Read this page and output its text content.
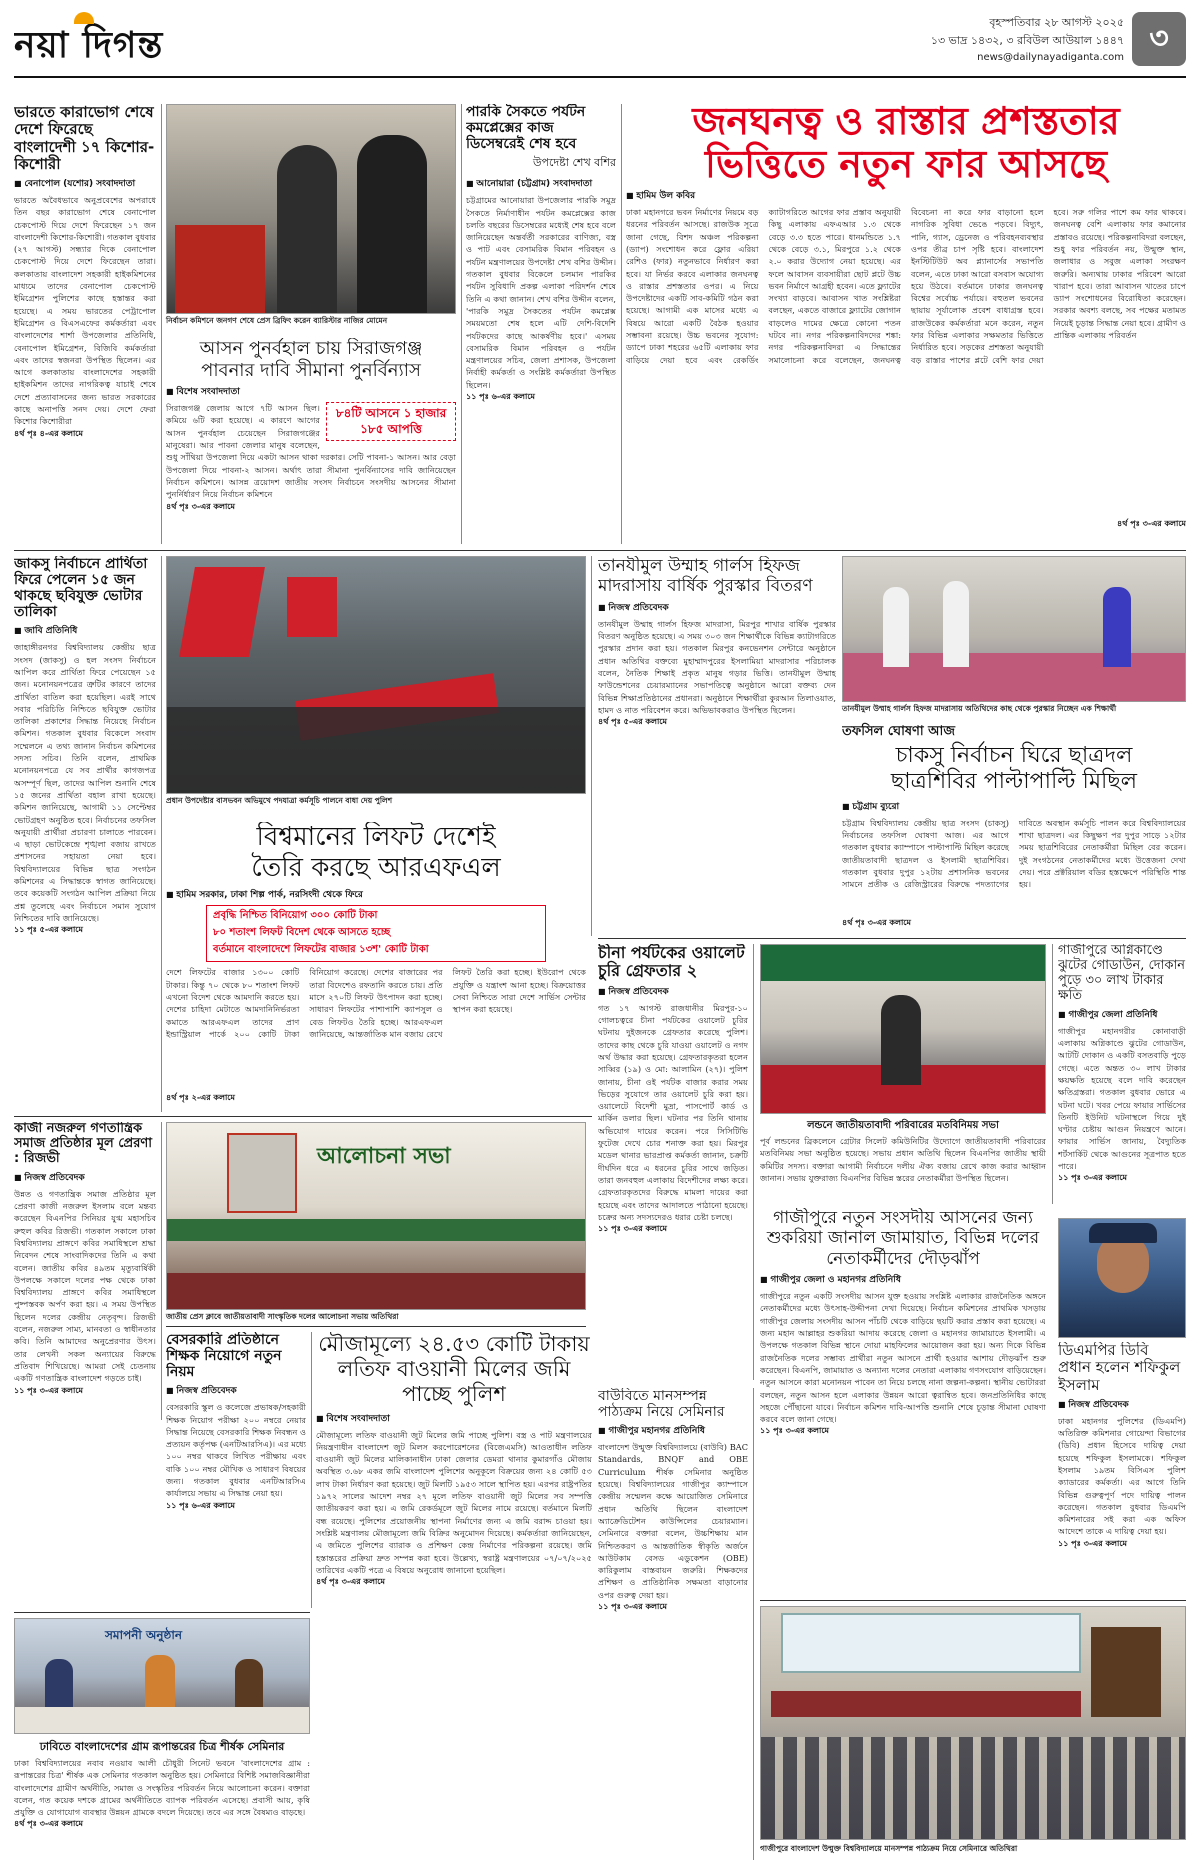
নয়া দিগন্ত
বৃহস্পতিবার ২৮ আগস্ট ২০২৫
১৩ ভাদ্র ১৪৩২, ৩ রবিউল আউয়াল ১৪৪৭
news@dailynayadiganta.com
৩
ভারতে কারাভোগ শেষে দেশে ফিরেছে বাংলাদেশী ১৭ কিশোর-কিশোরী
■ বেনাপোল (যশোর) সংবাদদাতা
ভারতে অবৈধভাবে অনুপ্রবেশের অপরাধে তিন বছর কারাভোগ শেষে বেনাপোল চেকপোস্ট দিয়ে দেশে ফিরেছেন ১৭ জন বাংলাদেশী কিশোর-কিশোরী। গতকাল বুধবার (২৭ আগস্ট) সন্ধ্যার দিকে বেনাপোল চেকপোস্ট দিয়ে দেশে ফিরেছেন তারা। কলকাতায় বাংলাদেশ সহকারী হাইকমিশনের মাধ্যমে তাদের বেনাপোল চেকপোস্ট ইমিগ্রেশন পুলিশের কাছে হস্তান্তর করা হয়েছে। এ সময় ভারতের পেট্রাপোল ইমিগ্রেশন ও বিএসএফের কর্মকর্তারা এবং বাংলাদেশের শার্শা উপজেলার প্রতিনিধি, বেনাপোল ইমিগ্রেশন, বিজিবি কর্মকর্তারা এবং তাদের স্বজনরা উপস্থিত ছিলেন। এর আগে কলকাতায় বাংলাদেশের সহকারী হাইকমিশন তাদের নাগরিকত্ব যাচাই শেষে দেশে প্রত্যাবাসনের জন্য ভারত সরকারের কাছে অনাপত্তি সনদ দেয়। দেশে ফেরা কিশোর কিশোরীরা
৪র্থ পৃঃ ৪-এর কলামে
নির্বাচন কমিশনে জনগণ শেষে প্রেস ব্রিফিং করেন ব্যারিস্টার নাজির মোমেন
আসন পুনর্বহাল চায় সিরাজগঞ্জ
পাবনার দাবি সীমানা পুনর্বিন্যাস
■ বিশেষ সংবাদদাতা
৮৪টি আসনে ১ হাজার ১৮৫ আপত্তি
সিরাজগঞ্জ জেলায় আগে ৭টি আসন ছিল। কমিয়ে ৬টি করা হয়েছে। এ কারণে আগের আসন পুনর্বহাল চেয়েছেন সিরাজগঞ্জের মানুষেরা। আর পাবনা জেলার মানুষ বলেছেন, শুধু সাঁথিয়া উপজেলা দিয়ে একটা আসন থাকা দরকার। সেটি পাবনা-১ আসন। আর বেড়া উপজেলা দিয়ে পাবনা-২ আসন। অর্থাৎ তারা সীমানা পুনর্বিন্যাসের দাবি জানিয়েছেন নির্বাচন কমিশনে। আসন্ন ত্রয়োদশ জাতীয় সংসদ নির্বাচনে সংসদীয় আসনের সীমানা পুনর্নির্ধারণ নিয়ে নির্বাচন কমিশনে
৪র্থ পৃঃ ৩-এর কলামে
পারকি সৈকতে পর্যটন কমপ্লেক্সের কাজ ডিসেম্বরেই শেষ হবে
উপদেষ্টা শেখ বশির
■ আনোয়ারা (চট্টগ্রাম) সংবাদদাতা
চট্টগ্রামের আনোয়ারা উপজেলার পারকি সমুদ্র সৈকতে নির্মাণাধীন পর্যটন কমপ্লেক্সের কাজ চলতি বছরের ডিসেম্বরের মধ্যেই শেষ হবে বলে জানিয়েছেন অন্তর্বর্তী সরকারের বাণিজ্য, বস্ত্র ও পাট এবং বেসামরিক বিমান পরিবহন ও পর্যটন মন্ত্রণালয়ের উপদেষ্টা শেখ বশির উদ্দীন। গতকাল বুধবার বিকেলে চলমান পারকির পর্যটন সুবিধাদি প্রকল্প এলাকা পরিদর্শন শেষে তিনি এ কথা জানান। শেখ বশির উদ্দীন বলেন, 'পারকি সমুদ্র সৈকতের পর্যটন কমপ্লেক্স সময়মতো শেষ হলে এটি দেশি-বিদেশি পর্যটকদের কাছে আকর্ষণীয় হবে।' এসময় বেসামরিক বিমান পরিবহন ও পর্যটন মন্ত্রণালয়ের সচিব, জেলা প্রশাসক, উপজেলা নির্বাহী কর্মকর্তা ও সংশ্লিষ্ট কর্মকর্তারা উপস্থিত ছিলেন।
১১ পৃঃ ৬-এর কলামে
জনঘনত্ব ও রাস্তার প্রশস্ততার
ভিত্তিতে নতুন ফার আসছে
■ হামিম উল কবির
ঢাকা মহানগরে ভবন নির্মাণের নিয়মে বড় ধরনের পরিবর্তন আসছে। রাজউক সূত্রে জানা গেছে, বিশদ অঞ্চল পরিকল্পনা (ড্যাপ) সংশোধন করে ফ্লোর এরিয়া রেশিও (ফার) নতুনভাবে নির্ধারণ করা হবে। যা নির্ভর করবে এলাকার জনঘনত্ব ও রাস্তার প্রশস্ততার ওপর। এ নিয়ে উপদেষ্টাদের একটি সাব-কমিটি গঠন করা হয়েছে। আগামী এক মাসের মধ্যে এ বিষয়ে আরো একটি বৈঠক হওয়ার সম্ভাবনা রয়েছে। উচ্চ ভবনের সুযোগ: ড্যাপে ঢাকা শহরের ৬৫টি এলাকায় ফার বাড়িয়ে দেয়া হবে এবং রেকর্ডিং ক্যাটাগরিতে আগের ফার প্রস্তাব অনুযায়ী কিছু এলাকায় এফএআর ১.৩ থেকে বেড়ে ৩.৩ হতে পারে। ধানমন্ডিতে ১.৭ থেকে বেড়ে ৩.১, মিরপুরে ১.২ থেকে ২.০ করার উদ্যোগ নেয়া হয়েছে। এর ফলে আবাসন ব্যবসায়ীরা ছোট প্লটে উচ্চ ভবন নির্মাণে আগ্রহী হবেন। এতে ফ্ল্যাটের সংখ্যা বাড়বে। আবাসন খাত সংশ্লিষ্টরা বলছেন, একতে বাজারে ফ্ল্যাটের জোগান বাড়লেও দামের ক্ষেত্রে কোনো পতন ঘটবে না। নগর পরিকল্পনাবিদদের শঙ্কা: নগর পরিকল্পনাবিদরা এ সিদ্ধান্তের সমালোচনা করে বলেছেন, জনঘনত্ব বিবেচনা না করে ফার বাড়ানো হলে নাগরিক সুবিধা ভেঙে পড়বে। বিদ্যুৎ, পানি, গ্যাস, ড্রেনেজ ও পরিবহনব্যবস্থার ওপর তীব্র চাপ সৃষ্টি হবে। বাংলাদেশ ইনস্টিটিউট অব প্ল্যানার্সের সভাপতি বলেন, এতে ঢাকা আরো বসবাস অযোগ্য হয়ে উঠবে। বর্তমানে ঢাকার জনঘনত্ব বিশ্বের সর্বোচ্চ পর্যায়ে। বহুতল ভবনের ছায়ায় সূর্যালোক প্রবেশ বাধাগ্রস্ত হবে। রাজউকের কর্মকর্তারা মনে করেন, নতুন ফার বিভিন্ন এলাকার সক্ষমতার ভিত্তিতে নির্ধারিত হবে। সড়কের প্রশস্ততা অনুযায়ী বড় রাস্তার পাশের প্লটে বেশি ফার দেয়া হবে। সরু গলির পাশে কম ফার থাকবে। জনঘনত্ব বেশি এলাকায় ফার কমানোর প্রস্তাবও রয়েছে। পরিকল্পনাবিদরা বলছেন, শুধু ফার পরিবর্তন নয়, উন্মুক্ত স্থান, জলাধার ও সবুজ এলাকা সংরক্ষণ জরুরি। অন্যথায় ঢাকার পরিবেশ আরো খারাপ হবে। তারা আবাসন খাতের চাপে ড্যাপ সংশোধনের বিরোধিতা করেছেন। সরকার অবশ্য বলছে, সব পক্ষের মতামত নিয়েই চূড়ান্ত সিদ্ধান্ত নেয়া হবে। গ্রামীণ ও প্রান্তিক এলাকায় পরিবর্তন
৪র্থ পৃঃ ৩-এর কলামে
জাকসু নির্বাচনে প্রার্থিতা ফিরে পেলেন ১৫ জন থাকছে ছবিযুক্ত ভোটার তালিকা
■ জাবি প্রতিনিধি
জাহাঙ্গীরনগর বিশ্ববিদ্যালয় কেন্দ্রীয় ছাত্র সংসদ (জাকসু) ও হল সংসদ নির্বাচনে আপিল করে প্রার্থিতা ফিরে পেয়েছেন ১৫ জন। মনোনয়নপত্রের ত্রুটির কারণে তাদের প্রার্থিতা বাতিল করা হয়েছিল। এরই সাথে সবার পরিচিতি নিশ্চিতে ছবিযুক্ত ভোটার তালিকা প্রকাশের সিদ্ধান্ত নিয়েছে নির্বাচন কমিশন। গতকাল বুধবার বিকেলে সংবাদ সম্মেলনে এ তথ্য জানান নির্বাচন কমিশনের সদস্য সচিব। তিনি বলেন, প্রাথমিক মনোনয়নপত্রে যে সব প্রার্থীর কাগজপত্র অসম্পূর্ণ ছিল, তাদের আপিল শুনানি শেষে ১৫ জনের প্রার্থিতা বহাল রাখা হয়েছে। কমিশন জানিয়েছে, আগামী ১১ সেপ্টেম্বর ভোটগ্রহণ অনুষ্ঠিত হবে। নির্বাচনের তফসিল অনুযায়ী প্রার্থীরা প্রচারণা চালাতে পারবেন। এ ছাড়া ভোটকেন্দ্রে শৃঙ্খলা বজায় রাখতে প্রশাসনের সহায়তা নেয়া হবে। বিশ্ববিদ্যালয়ের বিভিন্ন ছাত্র সংগঠন কমিশনের এ সিদ্ধান্তকে স্বাগত জানিয়েছে। তবে কয়েকটি সংগঠন আপিল প্রক্রিয়া নিয়ে প্রশ্ন তুলেছে এবং নির্বাচনে সমান সুযোগ নিশ্চিতের দাবি জানিয়েছে।
১১ পৃঃ ৫-এর কলামে
প্রধান উপদেষ্টার বাসভবন অভিমুখে পদযাত্রা কর্মসূচি পালনে বাধা দেয় পুলিশ
বিশ্বমানের লিফট দেশেই
তৈরি করছে আরএফএল
■ হামিম সরকার, ঢাকা শিল্প পার্ক, নরসিংদী থেকে ফিরে
প্রবৃদ্ধি নিশ্চিত বিনিয়োগ ৩০০ কোটি টাকা
৮০ শতাংশ লিফট বিদেশ থেকে আসতে হচ্ছে
বর্তমানে বাংলাদেশে লিফটের বাজার ১৩শ' কোটি টাকা
দেশে লিফটের বাজার ১৩০০ কোটি টাকার। কিন্তু ৭০ থেকে ৮০ শতাংশ লিফট এখনো বিদেশ থেকে আমদানি করতে হয়। দেশের চাহিদা মেটাতে আমদানিনির্ভরতা কমাতে আরএফএল তাদের প্রাণ ইন্ডাস্ট্রিয়াল পার্কে ২০০ কোটি টাকা বিনিয়োগ করেছে। দেশের বাজারের পর তারা বিদেশেও রফতানি করতে চায়। প্রতি মাসে ২৭০টি লিফট উৎপাদন করা হচ্ছে। সাধারণ লিফটের পাশাপাশি ক্যাপসুল ও বেড লিফটও তৈরি হচ্ছে। আরএফএল জানিয়েছে, আন্তর্জাতিক মান বজায় রেখে লিফট তৈরি করা হচ্ছে। ইউরোপ থেকে প্রযুক্তি ও যন্ত্রাংশ আনা হচ্ছে। বিক্রয়োত্তর সেবা নিশ্চিতে সারা দেশে সার্ভিস সেন্টার স্থাপন করা হয়েছে।
৪র্থ পৃঃ ২-এর কলামে
তানযীমুল উম্মাহ গার্লস হিফজ মাদরাসায় বার্ষিক পুরস্কার বিতরণ
■ নিজস্ব প্রতিবেদক
তানযীমুল উম্মাহ গার্লস হিফজ মাদরাসা, মিরপুর শাখার বার্ষিক পুরস্কার বিতরণ অনুষ্ঠিত হয়েছে। এ সময় ৩০৩ জন শিক্ষার্থীকে বিভিন্ন ক্যাটাগরিতে পুরস্কার প্রদান করা হয়। গতকাল মিরপুর কনভেনশন সেন্টারে অনুষ্ঠানে প্রধান অতিথির বক্তব্যে মুহাম্মাদপুরের ইসলামিয়া মাদরাসার পরিচালক বলেন, নৈতিক শিক্ষাই প্রকৃত মানুষ গড়ার ভিত্তি। তানযীমুল উম্মাহ ফাউন্ডেশনের চেয়ারম্যানের সভাপতিত্বে অনুষ্ঠানে আরো বক্তব্য দেন বিভিন্ন শিক্ষাপ্রতিষ্ঠানের প্রধানরা। অনুষ্ঠানে শিক্ষার্থীরা কুরআন তিলাওয়াত, হামদ ও নাত পরিবেশন করে। অভিভাবকরাও উপস্থিত ছিলেন।
৪র্থ পৃঃ ৫-এর কলামে
তানযীমুল উম্মাহ গার্লস হিফজ মাদরাসায় অতিথিদের কাছ থেকে পুরস্কার নিচ্ছেন এক শিক্ষার্থী
তফসিল ঘোষণা আজ
চাকসু নির্বাচন ঘিরে ছাত্রদল
ছাত্রশিবির পাল্টাপাল্টি মিছিল
■ চট্টগ্রাম ব্যুরো
চট্টগ্রাম বিশ্ববিদ্যালয় কেন্দ্রীয় ছাত্র সংসদ (চাকসু) নির্বাচনের তফসিল ঘোষণা আজ। এর আগে গতকাল বুধবার ক্যাম্পাসে পাল্টাপাল্টি মিছিল করেছে জাতীয়তাবাদী ছাত্রদল ও ইসলামী ছাত্রশিবির। গতকাল বুধবার দুপুর ১২টায় প্রশাসনিক ভবনের সামনে প্রতীক ও রেজিস্ট্রারের বিরুদ্ধে পদত্যাগের দাবিতে অবস্থান কর্মসূচি পালন করে বিশ্ববিদ্যালয়ের শাখা ছাত্রদল। এর কিছুক্ষণ পর দুপুর সাড়ে ১২টার সময় ছাত্রশিবিরের নেতাকর্মীরা মিছিল বের করেন। দুই সংগঠনের নেতাকর্মীদের মধ্যে উত্তেজনা দেখা দেয়। পরে প্রক্টরিয়াল বডির হস্তক্ষেপে পরিস্থিতি শান্ত হয়।
৪র্থ পৃঃ ৩-এর কলামে
চীনা পর্যটকের ওয়ালেট চুরি গ্রেফতার ২
■ নিজস্ব প্রতিবেদক
গত ১৭ আগস্ট রাজধানীর মিরপুর-১০ গোলচত্বরে চীনা পর্যটকের ওয়ালেট চুরির ঘটনায় দুইজনকে গ্রেফতার করেছে পুলিশ। তাদের কাছ থেকে চুরি যাওয়া ওয়ালেট ও নগদ অর্থ উদ্ধার করা হয়েছে। গ্রেফতারকৃতরা হলেন সাব্বির (১৯) ও মো: আলামিন (২৭)। পুলিশ জানায়, চীনা ওই পর্যটক বাজার করার সময় ভিড়ের সুযোগে তার ওয়ালেট চুরি করা হয়। ওয়ালেটে বিদেশী মুদ্রা, পাসপোর্ট কার্ড ও মার্কিন ডলার ছিল। ঘটনার পর তিনি থানায় অভিযোগ দায়ের করেন। পরে সিসিটিভি ফুটেজ দেখে চোর শনাক্ত করা হয়। মিরপুর মডেল থানার ভারপ্রাপ্ত কর্মকর্তা জানান, চক্রটি দীর্ঘদিন ধরে এ ধরনের চুরির সাথে জড়িত। তারা জনবহুল এলাকায় বিদেশীদের লক্ষ্য করে। গ্রেফতারকৃতদের বিরুদ্ধে মামলা দায়ের করা হয়েছে এবং তাদের আদালতে পাঠানো হয়েছে। চক্রের অন্য সদস্যদেরও ধরার চেষ্টা চলছে।
১১ পৃঃ ৩-এর কলামে
লন্ডনে জাতীয়তাবাদী পরিবারের মতবিনিময় সভা
পূর্ব লন্ডনের ব্রিকলেনে গ্রেটার সিলেট কমিউনিটির উদ্যোগে জাতীয়তাবাদী পরিবারের মতবিনিময় সভা অনুষ্ঠিত হয়েছে। সভায় প্রধান অতিথি ছিলেন বিএনপির জাতীয় স্থায়ী কমিটির সদস্য। বক্তারা আগামী নির্বাচনে দলীয় ঐক্য বজায় রেখে কাজ করার আহ্বান জানান। সভায় যুক্তরাজ্য বিএনপির বিভিন্ন স্তরের নেতাকর্মীরা উপস্থিত ছিলেন।
গাজীপুরে অগ্নিকাণ্ডে ঝুটের গোডাউন, দোকান পুড়ে ৩০ লাখ টাকার ক্ষতি
■ গাজীপুর জেলা প্রতিনিধি
গাজীপুর মহানগরীর কোনাবাড়ী এলাকায় অগ্নিকাণ্ডে ঝুটের গোডাউন, আটটি দোকান ও একটি বসতবাড়ি পুড়ে গেছে। এতে অন্তত ৩০ লাখ টাকার ক্ষয়ক্ষতি হয়েছে বলে দাবি করেছেন ক্ষতিগ্রস্তরা। গতকাল বুধবার ভোরে এ ঘটনা ঘটে। খবর পেয়ে ফায়ার সার্ভিসের তিনটি ইউনিট ঘটনাস্থলে গিয়ে দুই ঘণ্টার চেষ্টায় আগুন নিয়ন্ত্রণে আনে। ফায়ার সার্ভিস জানায়, বৈদ্যুতিক শর্টসার্কিট থেকে আগুনের সূত্রপাত হতে পারে।
১১ পৃঃ ৩-এর কলামে
গাজীপুরে নতুন সংসদীয় আসনের জন্য শুকরিয়া জানাল জামায়াত, বিভিন্ন দলের নেতাকর্মীদের দৌড়ঝাঁপ
■ গাজীপুর জেলা ও মহানগর প্রতিনিধি
গাজীপুরে নতুন একটি সংসদীয় আসন যুক্ত হওয়ায় সংশ্লিষ্ট এলাকার রাজনৈতিক অঙ্গনে নেতাকর্মীদের মধ্যে উৎসাহ-উদ্দীপনা দেখা দিয়েছে। নির্বাচন কমিশনের প্রাথমিক খসড়ায় গাজীপুর জেলায় সংসদীয় আসন পাঁচটি থেকে বাড়িয়ে ছয়টি করার প্রস্তাব করা হয়েছে। এ জন্য মহান আল্লাহর শুকরিয়া আদায় করেছে জেলা ও মহানগর জামায়াতে ইসলামী। এ উপলক্ষে গতকাল বিভিন্ন স্থানে দোয়া মাহফিলের আয়োজন করা হয়। অন্য দিকে বিভিন্ন রাজনৈতিক দলের সম্ভাব্য প্রার্থীরা নতুন আসনে প্রার্থী হওয়ার আশায় দৌড়ঝাঁপ শুরু করেছেন। বিএনপি, জামায়াত ও অন্যান্য দলের নেতারা এলাকায় গণসংযোগ বাড়িয়েছেন। নতুন আসনে কারা মনোনয়ন পাবেন তা নিয়ে চলছে নানা জল্পনা-কল্পনা। স্থানীয় ভোটাররা বলছেন, নতুন আসন হলে এলাকার উন্নয়ন আরো ত্বরান্বিত হবে। জনপ্রতিনিধির কাছে সহজে পৌঁছানো যাবে। নির্বাচন কমিশন দাবি-আপত্তি শুনানি শেষে চূড়ান্ত সীমানা ঘোষণা করবে বলে জানা গেছে।
১১ পৃঃ ৩-এর কলামে
ডিএমপির ডিবি প্রধান হলেন শফিকুল ইসলাম
■ নিজস্ব প্রতিবেদক
ঢাকা মহানগর পুলিশের (ডিএমপি) অতিরিক্ত কমিশনার গোয়েন্দা বিভাগের (ডিবি) প্রধান হিসেবে দায়িত্ব দেয়া হয়েছে শফিকুল ইসলামকে। শফিকুল ইসলাম ১৯তম বিসিএস পুলিশ ক্যাডারের কর্মকর্তা। এর আগে তিনি বিভিন্ন গুরুত্বপূর্ণ পদে দায়িত্ব পালন করেছেন। গতকাল বুধবার ডিএমপি কমিশনারের সই করা এক অফিস আদেশে তাকে এ দায়িত্ব দেয়া হয়।
১১ পৃঃ ৩-এর কলামে
কাজী নজরুল গণতান্ত্রিক সমাজ প্রতিষ্ঠার মূল প্রেরণা : রিজভী
■ নিজস্ব প্রতিবেদক
উন্নত ও গণতান্ত্রিক সমাজ প্রতিষ্ঠার মূল প্রেরণা কাজী নজরুল ইসলাম বলে মন্তব্য করেছেন বিএনপির সিনিয়র যুগ্ম মহাসচিব রুহুল কবির রিজভী। গতকাল সকালে ঢাকা বিশ্ববিদ্যালয় প্রাঙ্গণে কবির সমাধিস্থলে শ্রদ্ধা নিবেদন শেষে সাংবাদিকদের তিনি এ কথা বলেন। জাতীয় কবির ৪৯তম মৃত্যুবার্ষিকী উপলক্ষে সকালে দলের পক্ষ থেকে ঢাকা বিশ্ববিদ্যালয় প্রাঙ্গণে কবির সমাধিস্থলে পুষ্পস্তবক অর্পণ করা হয়। এ সময় উপস্থিত ছিলেন দলের কেন্দ্রীয় নেতৃবৃন্দ। রিজভী বলেন, নজরুল সাম্য, মানবতা ও স্বাধীনতার কবি। তিনি আমাদের অনুপ্রেরণার উৎস। তার লেখনী সকল অন্যায়ের বিরুদ্ধে প্রতিবাদ শিখিয়েছে। আমরা সেই চেতনায় একটি গণতান্ত্রিক বাংলাদেশ গড়তে চাই।
১১ পৃঃ ৩-এর কলামে
আলোচনা সভা
জাতীয় প্রেস ক্লাবে জাতীয়তাবাদী সাংস্কৃতিক দলের আলোচনা সভায় অতিথিরা
বেসরকারি প্রতিষ্ঠানে শিক্ষক নিয়োগে নতুন নিয়ম
■ নিজস্ব প্রতিবেদক
বেসরকারি স্কুল ও কলেজে প্রভাষক/সহকারী শিক্ষক নিয়োগ পরীক্ষা ২০০ নম্বরে নেয়ার সিদ্ধান্ত নিয়েছে বেসরকারি শিক্ষক নিবন্ধন ও প্রত্যয়ন কর্তৃপক্ষ (এনটিআরসিএ)। এর মধ্যে ১০০ নম্বর থাকবে লিখিত পরীক্ষায় এবং বাকি ১০০ নম্বর মৌখিক ও সাধারণ বিষয়ের জন্য। গতকাল বুধবার এনটিআরসিএ কার্যালয়ে সভায় এ সিদ্ধান্ত নেয়া হয়।
১১ পৃঃ ৬-এর কলামে
মৌজামূল্যে ২৪.৫৩ কোটি টাকায় লতিফ বাওয়ানী মিলের জমি পাচ্ছে পুলিশ
■ বিশেষ সংবাদদাতা
মৌজামূল্যে লতিফ বাওয়ানী জুট মিলের জমি পাচ্ছে পুলিশ। বস্ত্র ও পাট মন্ত্রণালয়ের নিয়ন্ত্রণাধীন বাংলাদেশ জুট মিলস করপোরেশনের (বিজেএমসি) আওতাধীন লতিফ বাওয়ানী জুট মিলের মালিকানাধীন ঢাকা জেলার ডেমরা থানার কুমারগাঁও মৌজায় অবস্থিত ৩.৬৮ একর জমি বাংলাদেশ পুলিশের অনুকূলে বিক্রয়ের জন্য ২৪ কোটি ৫৩ লাখ টাকা নির্ধারণ করা হয়েছে। জুট মিলটি ১৯৫৩ সালে স্থাপিত হয়। এরপর রাষ্ট্রপতির ১৯৭২ সালের আদেশ নম্বর ২৭ মূলে লতিফ বাওয়ানী জুট মিলের সব সম্পত্তি জাতীয়করণ করা হয়। এ জমি রেকর্ডমূলে জুট মিলের নামে রয়েছে। বর্তমানে মিলটি বন্ধ রয়েছে। পুলিশের প্রয়োজনীয় স্থাপনা নির্মাণের জন্য এ জমি বরাদ্দ চাওয়া হয়। সংশ্লিষ্ট মন্ত্রণালয় মৌজামূল্যে জমি বিক্রির অনুমোদন দিয়েছে। কর্মকর্তারা জানিয়েছেন, এ জমিতে পুলিশের ব্যারাক ও প্রশিক্ষণ কেন্দ্র নির্মাণের পরিকল্পনা রয়েছে। জমি হস্তান্তরের প্রক্রিয়া দ্রুত সম্পন্ন করা হবে। উল্লেখ্য, স্বরাষ্ট্র মন্ত্রণালয়ের ০৭/০৭/২০২৫ তারিখের একটি পত্রে এ বিষয়ে অনুরোধ জানানো হয়েছিল।
৪র্থ পৃঃ ৩-এর কলামে
বাউবিতে মানসম্পন্ন পাঠ্যক্রম নিয়ে সেমিনার
■ গাজীপুর মহানগর প্রতিনিধি
বাংলাদেশ উন্মুক্ত বিশ্ববিদ্যালয়ে (বাউবি) BAC Standards, BNQF and OBE Curriculum শীর্ষক সেমিনার অনুষ্ঠিত হয়েছে। বিশ্ববিদ্যালয়ের গাজীপুর ক্যাম্পাসে কেন্দ্রীয় সম্মেলন কক্ষে আয়োজিত সেমিনারে প্রধান অতিথি ছিলেন বাংলাদেশ অ্যাক্রেডিটেশন কাউন্সিলের চেয়ারম্যান। সেমিনারে বক্তারা বলেন, উচ্চশিক্ষায় মান নিশ্চিতকরণ ও আন্তর্জাতিক স্বীকৃতি অর্জনে আউটকাম বেসড এডুকেশন (OBE) কারিকুলাম বাস্তবায়ন জরুরি। শিক্ষকদের প্রশিক্ষণ ও প্রাতিষ্ঠানিক সক্ষমতা বাড়ানোর ওপর গুরুত্ব দেয়া হয়।
১১ পৃঃ ৩-এর কলামে
সমাপনী অনুষ্ঠান
ঢাবিতে বাংলাদেশের গ্রাম রূপান্তরের চিত্র শীর্ষক সেমিনার
ঢাকা বিশ্ববিদ্যালয়ের নবাব নওয়াব আলী চৌধুরী সিনেট ভবনে 'বাংলাদেশের গ্রাম : রূপান্তরের চিত্র' শীর্ষক এক সেমিনার গতকাল অনুষ্ঠিত হয়। সেমিনারে বিশিষ্ট সমাজবিজ্ঞানীরা বাংলাদেশের গ্রামীণ অর্থনীতি, সমাজ ও সংস্কৃতির পরিবর্তন নিয়ে আলোচনা করেন। বক্তারা বলেন, গত কয়েক দশকে গ্রামের অর্থনীতিতে ব্যাপক পরিবর্তন এসেছে। প্রবাসী আয়, কৃষি প্রযুক্তি ও যোগাযোগ ব্যবস্থার উন্নয়ন গ্রামকে বদলে দিয়েছে। তবে এর সঙ্গে বৈষম্যও বাড়ছে।
৪র্থ পৃঃ ৩-এর কলামে
গাজীপুরে বাংলাদেশ উন্মুক্ত বিশ্ববিদ্যালয়ে মানসম্পন্ন পাঠ্যক্রম নিয়ে সেমিনারে অতিথিরা
